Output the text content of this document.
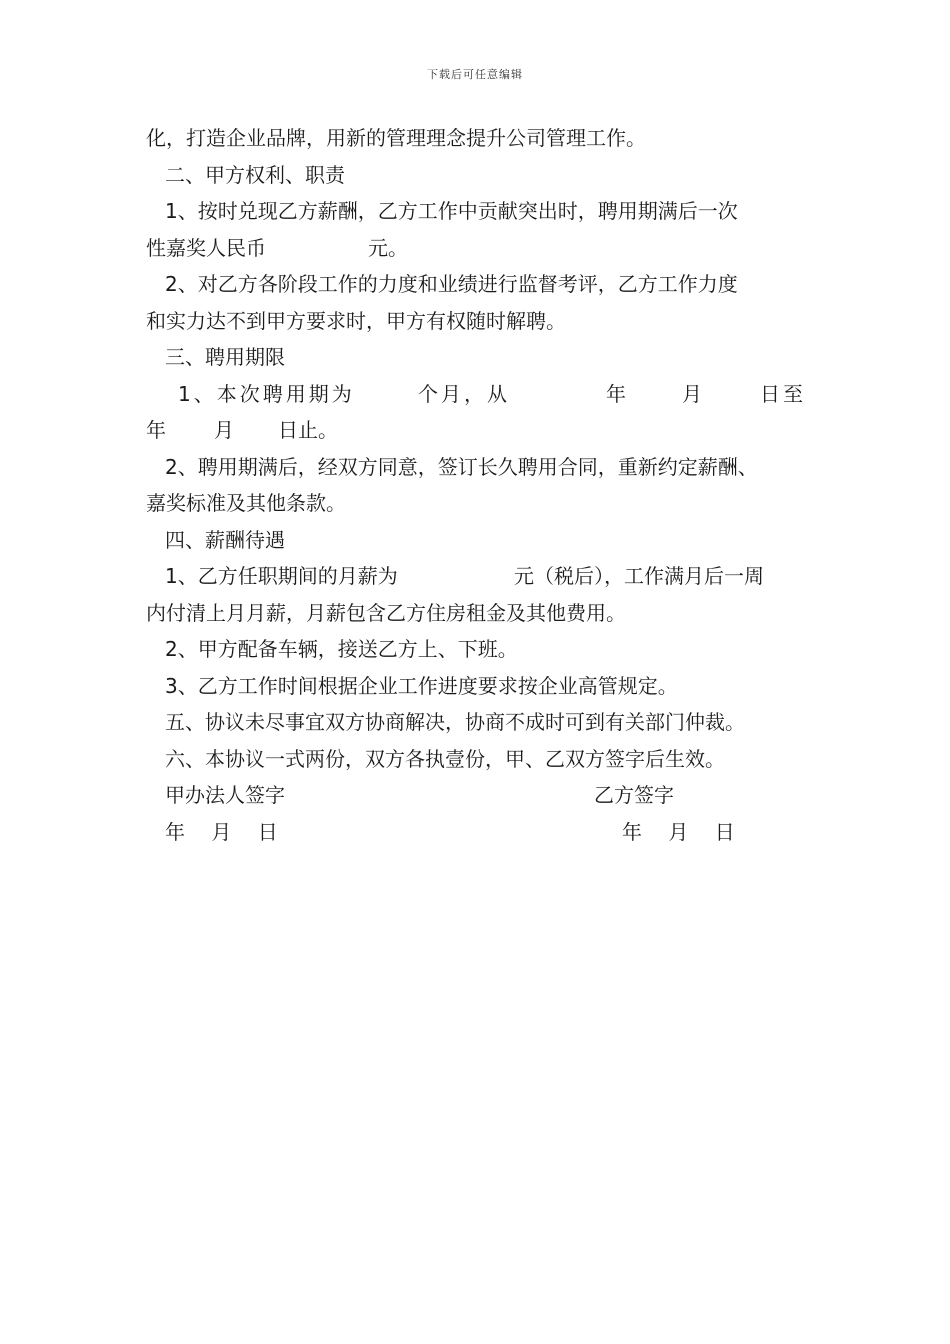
下载后可任意编辑
化，打造企业品牌，用新的管理理念提升公司管理工作。
二、甲方权利、职责
1、按时兑现乙方薪酬，乙方工作中贡献突出时，聘用期满后一次
性嘉奖人民币	元。
2、对乙方各阶段工作的力度和业绩进行监督考评，乙方工作力度
和实力达不到甲方要求时，甲方有权随时解聘。
三、聘用期限
1、本次聘用期为	个月，从	年	月	日至
年 月 日止。
2、聘用期满后，经双方同意，签订长久聘用合同，重新约定薪酬、
嘉奖标准及其他条款。
四、薪酬待遇
1、乙方任职期间的月薪为	元（税后），工作满月后一周
内付清上月月薪，月薪包含乙方住房租金及其他费用。
2、甲方配备车辆，接送乙方上、下班。
3、乙方工作时间根据企业工作进度要求按企业高管规定。
五、协议未尽事宜双方协商解决，协商不成时可到有关部门仲裁。
六、本协议一式两份，双方各执壹份，甲、乙双方签字后生效。
甲办法人签字	乙方签字
年　 月　 日	年　 月　 日
